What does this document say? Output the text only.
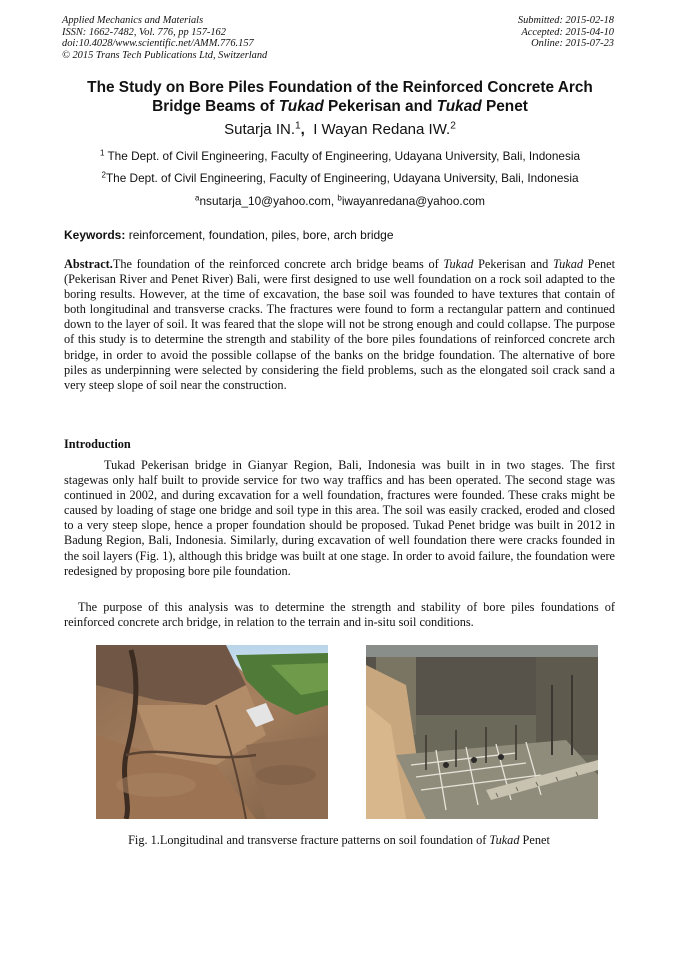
Applied Mechanics and Materials
ISSN: 1662-7482, Vol. 776, pp 157-162
doi:10.4028/www.scientific.net/AMM.776.157
© 2015 Trans Tech Publications Ltd, Switzerland
Submitted: 2015-02-18
Accepted: 2015-04-10
Online: 2015-07-23
The Study on Bore Piles Foundation of the Reinforced Concrete Arch
Bridge Beams of Tukad Pekerisan and Tukad Penet
Sutarja IN.$^1$, I Wayan Redana IW.$^2$
$^1$ The Dept. of Civil Engineering, Faculty of Engineering, Udayana University, Bali, Indonesia
$^2$The Dept. of Civil Engineering, Faculty of Engineering, Udayana University, Bali, Indonesia
$^a$nsutarja_10@yahoo.com, $^b$iwayanredana@yahoo.com
Keywords: reinforcement, foundation, piles, bore, arch bridge
Abstract.The foundation of the reinforced concrete arch bridge beams of Tukad Pekerisan and Tukad Penet (Pekerisan River and Penet River) Bali, were first designed to use well foundation on a rock soil adapted to the boring results. However, at the time of excavation, the base soil was founded to have textures that contain of both longitudinal and transverse cracks. The fractures were found to form a rectangular pattern and continued down to the layer of soil. It was feared that the slope will not be strong enough and could collapse. The purpose of this study is to determine the strength and stability of the bore piles foundations of reinforced concrete arch bridge, in order to avoid the possible collapse of the banks on the bridge foundation. The alternative of bore piles as underpinning were selected by considering the field problems, such as the elongated soil crack sand a very steep slope of soil near the construction.
Introduction
Tukad Pekerisan bridge in Gianyar Region, Bali, Indonesia was built in in two stages. The first stagewas only half built to provide service for two way traffics and has been operated. The second stage was continued in 2002, and during excavation for a well foundation, fractures were founded. These craks might be caused by loading of stage one bridge and soil type in this area. The soil was easily cracked, eroded and closed to a very steep slope, hence a proper foundation should be proposed. Tukad Penet bridge was built in 2012 in Badung Region, Bali, Indonesia. Similarly, during excavation of well foundation there were cracks founded in the soil layers (Fig. 1), although this bridge was built at one stage. In order to avoid failure, the foundation were redesigned by proposing bore pile foundation.
The purpose of this analysis was to determine the strength and stability of bore piles foundations of reinforced concrete arch bridge, in relation to the terrain and in-situ soil conditions.
Fig. 1.Longitudinal and transverse fracture patterns on soil foundation of Tukad Penet
